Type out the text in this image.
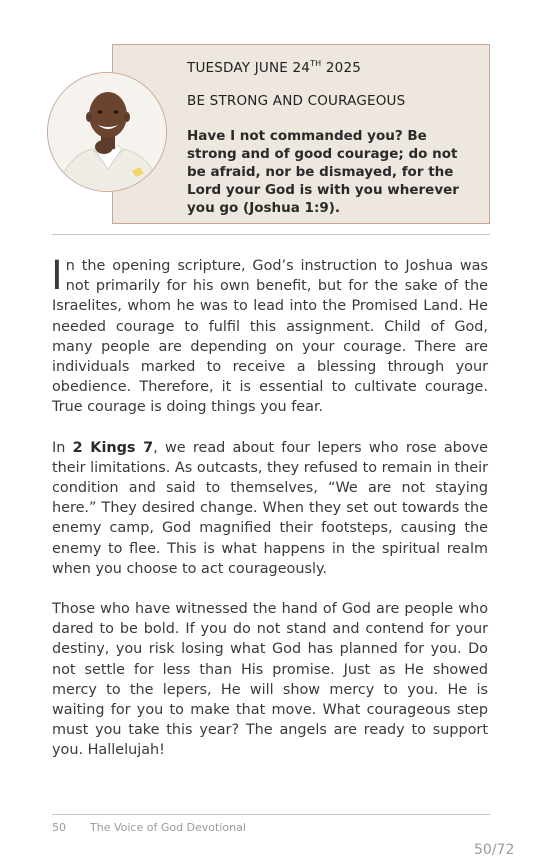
TUESDAY JUNE 24TH 2025
BE STRONG AND COURAGEOUS
Have I not commanded you? Be strong and of good courage; do not be afraid, nor be dismayed, for the Lord your God is with you wherever you go (Joshua 1:9).

In the opening scripture, God’s instruction to Joshua was not primarily for his own benefit, but for the sake of the Israelites, whom he was to lead into the Promised Land. He needed courage to fulfil this assignment. Child of God, many people are depending on your courage. There are individuals marked to receive a blessing through your obedience. Therefore, it is essential to cultivate courage. True courage is doing things you fear.

In 2 Kings 7, we read about four lepers who rose above their limitations. As outcasts, they refused to remain in their condition and said to themselves, “We are not staying here.” They desired change. When they set out towards the enemy camp, God magnified their footsteps, causing the enemy to flee. This is what happens in the spiritual realm when you choose to act courageously.

Those who have witnessed the hand of God are people who dared to be bold. If you do not stand and contend for your destiny, you risk losing what God has planned for you. Do not settle for less than His promise. Just as He showed mercy to the lepers, He will show mercy to you. He is waiting for you to make that move. What courageous step must you take this year? The angels are ready to support you. Hallelujah!

50 The Voice of God Devotional
50/72
